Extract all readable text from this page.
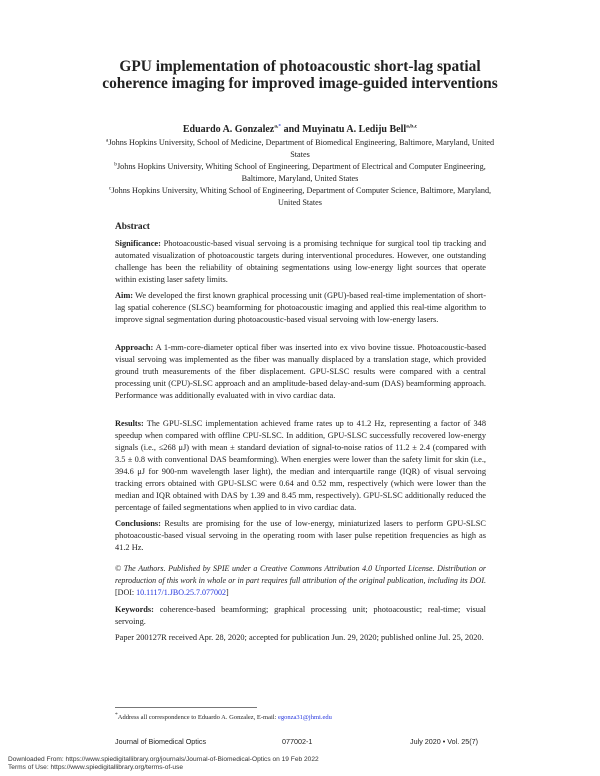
GPU implementation of photoacoustic short-lag spatial coherence imaging for improved image-guided interventions
Eduardo A. Gonzalez$^{a,*}$ and Muyinatu A. Lediju Bell$^{a,b,c}$

$^a$Johns Hopkins University, School of Medicine, Department of Biomedical Engineering, Baltimore, Maryland, United States

$^b$Johns Hopkins University, Whiting School of Engineering, Department of Electrical and Computer Engineering, Baltimore, Maryland, United States

$^c$Johns Hopkins University, Whiting School of Engineering, Department of Computer Science, Baltimore, Maryland, United States

Abstract

Significance: Photoacoustic-based visual servoing is a promising technique for surgical tool tip tracking and automated visualization of photoacoustic targets during interventional procedures. However, one outstanding challenge has been the reliability of obtaining segmentations using low-energy light sources that operate within existing laser safety limits.

Aim: We developed the first known graphical processing unit (GPU)-based real-time implementation of short-lag spatial coherence (SLSC) beamforming for photoacoustic imaging and applied this real-time algorithm to improve signal segmentation during photoacoustic-based visual servoing with low-energy lasers.

Approach: A 1-mm-core-diameter optical fiber was inserted into ex vivo bovine tissue. Photoacoustic-based visual servoing was implemented as the fiber was manually displaced by a translation stage, which provided ground truth measurements of the fiber displacement. GPU-SLSC results were compared with a central processing unit (CPU)-SLSC approach and an amplitude-based delay-and-sum (DAS) beamforming approach. Performance was additionally evaluated with in vivo cardiac data.

Results: The GPU-SLSC implementation achieved frame rates up to 41.2 Hz, representing a factor of 348 speedup when compared with offline CPU-SLSC. In addition, GPU-SLSC successfully recovered low-energy signals (i.e., ≤268 μJ) with mean ± standard deviation of signal-to-noise ratios of 11.2 ± 2.4 (compared with 3.5 ± 0.8 with conventional DAS beamforming). When energies were lower than the safety limit for skin (i.e., 394.6 μJ for 900-nm wavelength laser light), the median and interquartile range (IQR) of visual servoing tracking errors obtained with GPU-SLSC were 0.64 and 0.52 mm, respectively (which were lower than the median and IQR obtained with DAS by 1.39 and 8.45 mm, respectively). GPU-SLSC additionally reduced the percentage of failed segmentations when applied to in vivo cardiac data.

Conclusions: Results are promising for the use of low-energy, miniaturized lasers to perform GPU-SLSC photoacoustic-based visual servoing in the operating room with laser pulse repetition frequencies as high as 41.2 Hz.

© The Authors. Published by SPIE under a Creative Commons Attribution 4.0 Unported License. Distribution or reproduction of this work in whole or in part requires full attribution of the original publication, including its DOI. [DOI: 10.1117/1.JBO.25.7.077002]

Keywords: coherence-based beamforming; graphical processing unit; photoacoustic; real-time; visual servoing.

Paper 200127R received Apr. 28, 2020; accepted for publication Jun. 29, 2020; published online Jul. 25, 2020.

*Address all correspondence to Eduardo A. Gonzalez, E-mail: egonza31@jhmi.edu
Journal of Biomedical Optics	077002-1	July 2020 • Vol. 25(7)
Downloaded From: https://www.spiedigitallibrary.org/journals/Journal-of-Biomedical-Optics on 19 Feb 2022
Terms of Use: https://www.spiedigitallibrary.org/terms-of-use
